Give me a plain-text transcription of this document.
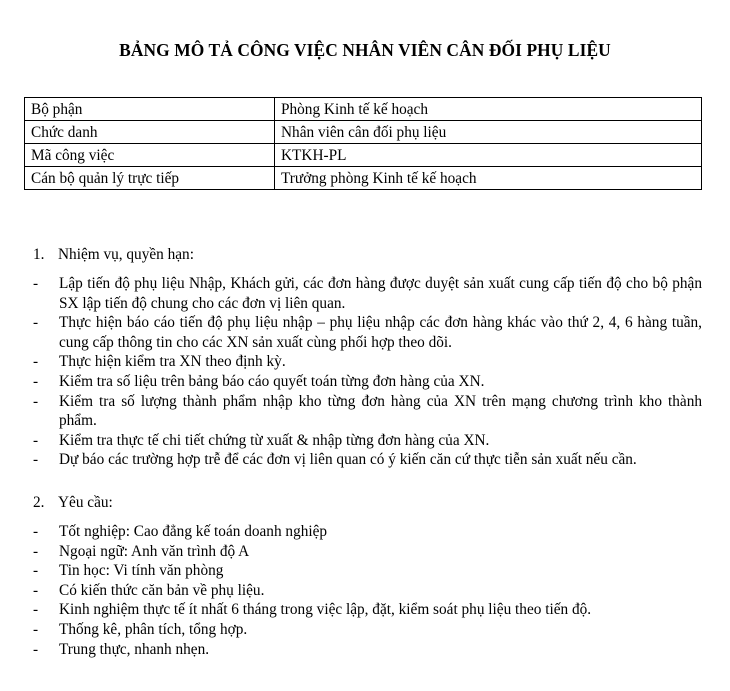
BẢNG MÔ TẢ CÔNG VIỆC NHÂN VIÊN CÂN ĐỐI PHỤ LIỆU
Bộ phận	Phòng Kinh tế kế hoạch
Chức danh	Nhân viên cân đối phụ liệu
Mã công việc	KTKH-PL
Cán bộ quản lý trực tiếp	Trưởng phòng Kinh tế kế hoạch
1. Nhiệm vụ, quyền hạn:
- Lập tiến độ phụ liệu Nhập, Khách gửi, các đơn hàng được duyệt sản xuất cung cấp tiến độ cho bộ phận SX lập tiến độ chung cho các đơn vị liên quan.
- Thực hiện báo cáo tiến độ phụ liệu nhập – phụ liệu nhập các đơn hàng khác vào thứ 2, 4, 6 hàng tuần, cung cấp thông tin cho các XN sản xuất cùng phối hợp theo dõi.
- Thực hiện kiểm tra XN theo định kỳ.
- Kiểm tra số liệu trên bảng báo cáo quyết toán từng đơn hàng của XN.
- Kiểm tra số lượng thành phẩm nhập kho từng đơn hàng của XN trên mạng chương trình kho thành phẩm.
- Kiểm tra thực tế chi tiết chứng từ xuất & nhập từng đơn hàng của XN.
- Dự báo các trường hợp trễ để các đơn vị liên quan có ý kiến căn cứ thực tiễn sản xuất nếu cần.
2. Yêu cầu:
- Tốt nghiệp: Cao đẳng kế toán doanh nghiệp
- Ngoại ngữ: Anh văn trình độ A
- Tin học: Vi tính văn phòng
- Có kiến thức căn bản về phụ liệu.
- Kinh nghiệm thực tế ít nhất 6 tháng trong việc lập, đặt, kiểm soát phụ liệu theo tiến độ.
- Thống kê, phân tích, tổng hợp.
- Trung thực, nhanh nhẹn.
